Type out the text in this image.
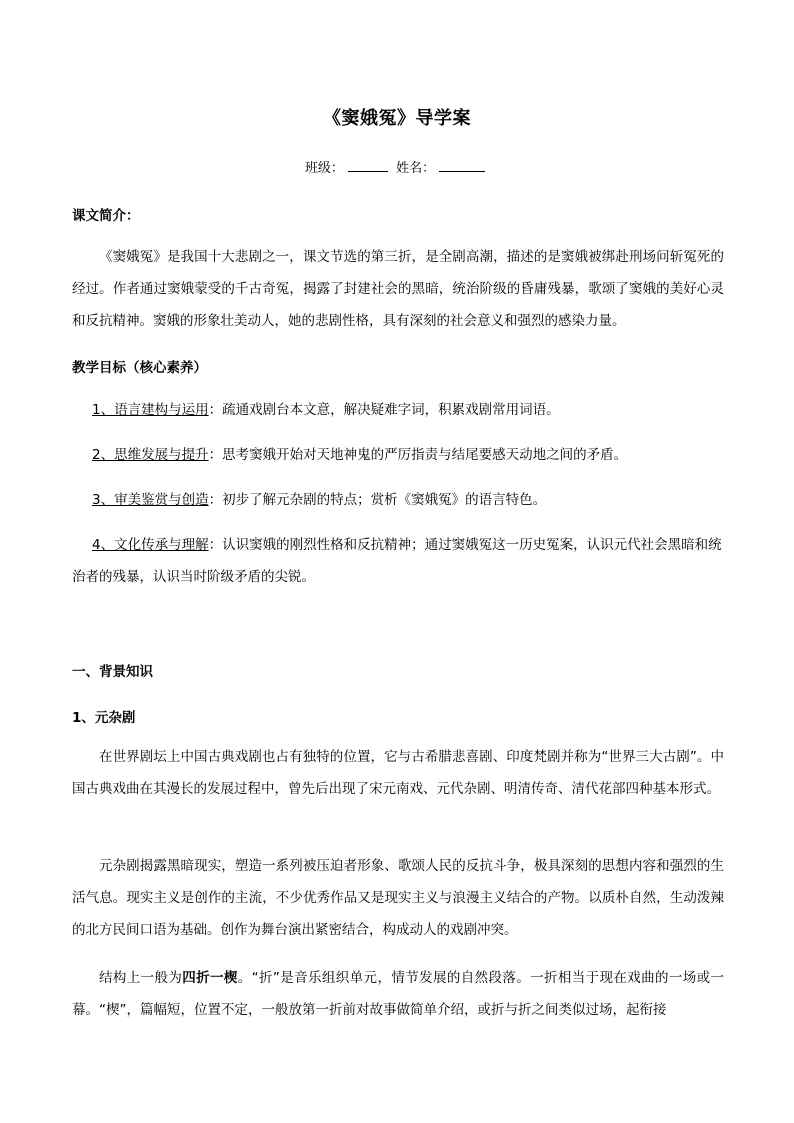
《窦娥冤》导学案
班级：	姓名：
课文简介：
《窦娥冤》是我国十大悲剧之一，课文节选的第三折，是全剧高潮，描述的是窦娥被绑赴刑场问斩冤死的经过。作者通过窦娥蒙受的千古奇冤，揭露了封建社会的黑暗，统治阶级的昏庸残暴，歌颂了窦娥的美好心灵和反抗精神。窦娥的形象壮美动人，她的悲剧性格，具有深刻的社会意义和强烈的感染力量。
教学目标（核心素养）
1、语言建构与运用：疏通戏剧台本文意，解决疑难字词，积累戏剧常用词语。
2、思维发展与提升：思考窦娥开始对天地神鬼的严厉指责与结尾要感天动地之间的矛盾。
3、审美鉴赏与创造：初步了解元杂剧的特点；赏析《窦娥冤》的语言特色。
4、文化传承与理解：认识窦娥的刚烈性格和反抗精神；通过窦娥冤这一历史冤案，认识元代社会黑暗和统治者的残暴，认识当时阶级矛盾的尖锐。
一、背景知识
1、元杂剧
在世界剧坛上中国古典戏剧也占有独特的位置，它与古希腊悲喜剧、印度梵剧并称为“世界三大古剧”。中国古典戏曲在其漫长的发展过程中，曾先后出现了宋元南戏、元代杂剧、明清传奇、清代花部四种基本形式。
元杂剧揭露黑暗现实，塑造一系列被压迫者形象、歌颂人民的反抗斗争，极具深刻的思想内容和强烈的生活气息。现实主义是创作的主流，不少优秀作品又是现实主义与浪漫主义结合的产物。以质朴自然，生动泼辣的北方民间口语为基础。创作为舞台演出紧密结合，构成动人的戏剧冲突。
结构上一般为四折一楔。“折”是音乐组织单元，情节发展的自然段落。一折相当于现在戏曲的一场或一幕。“楔”，篇幅短，位置不定，一般放第一折前对故事做简单介绍，或折与折之间类似过场，起衔接
